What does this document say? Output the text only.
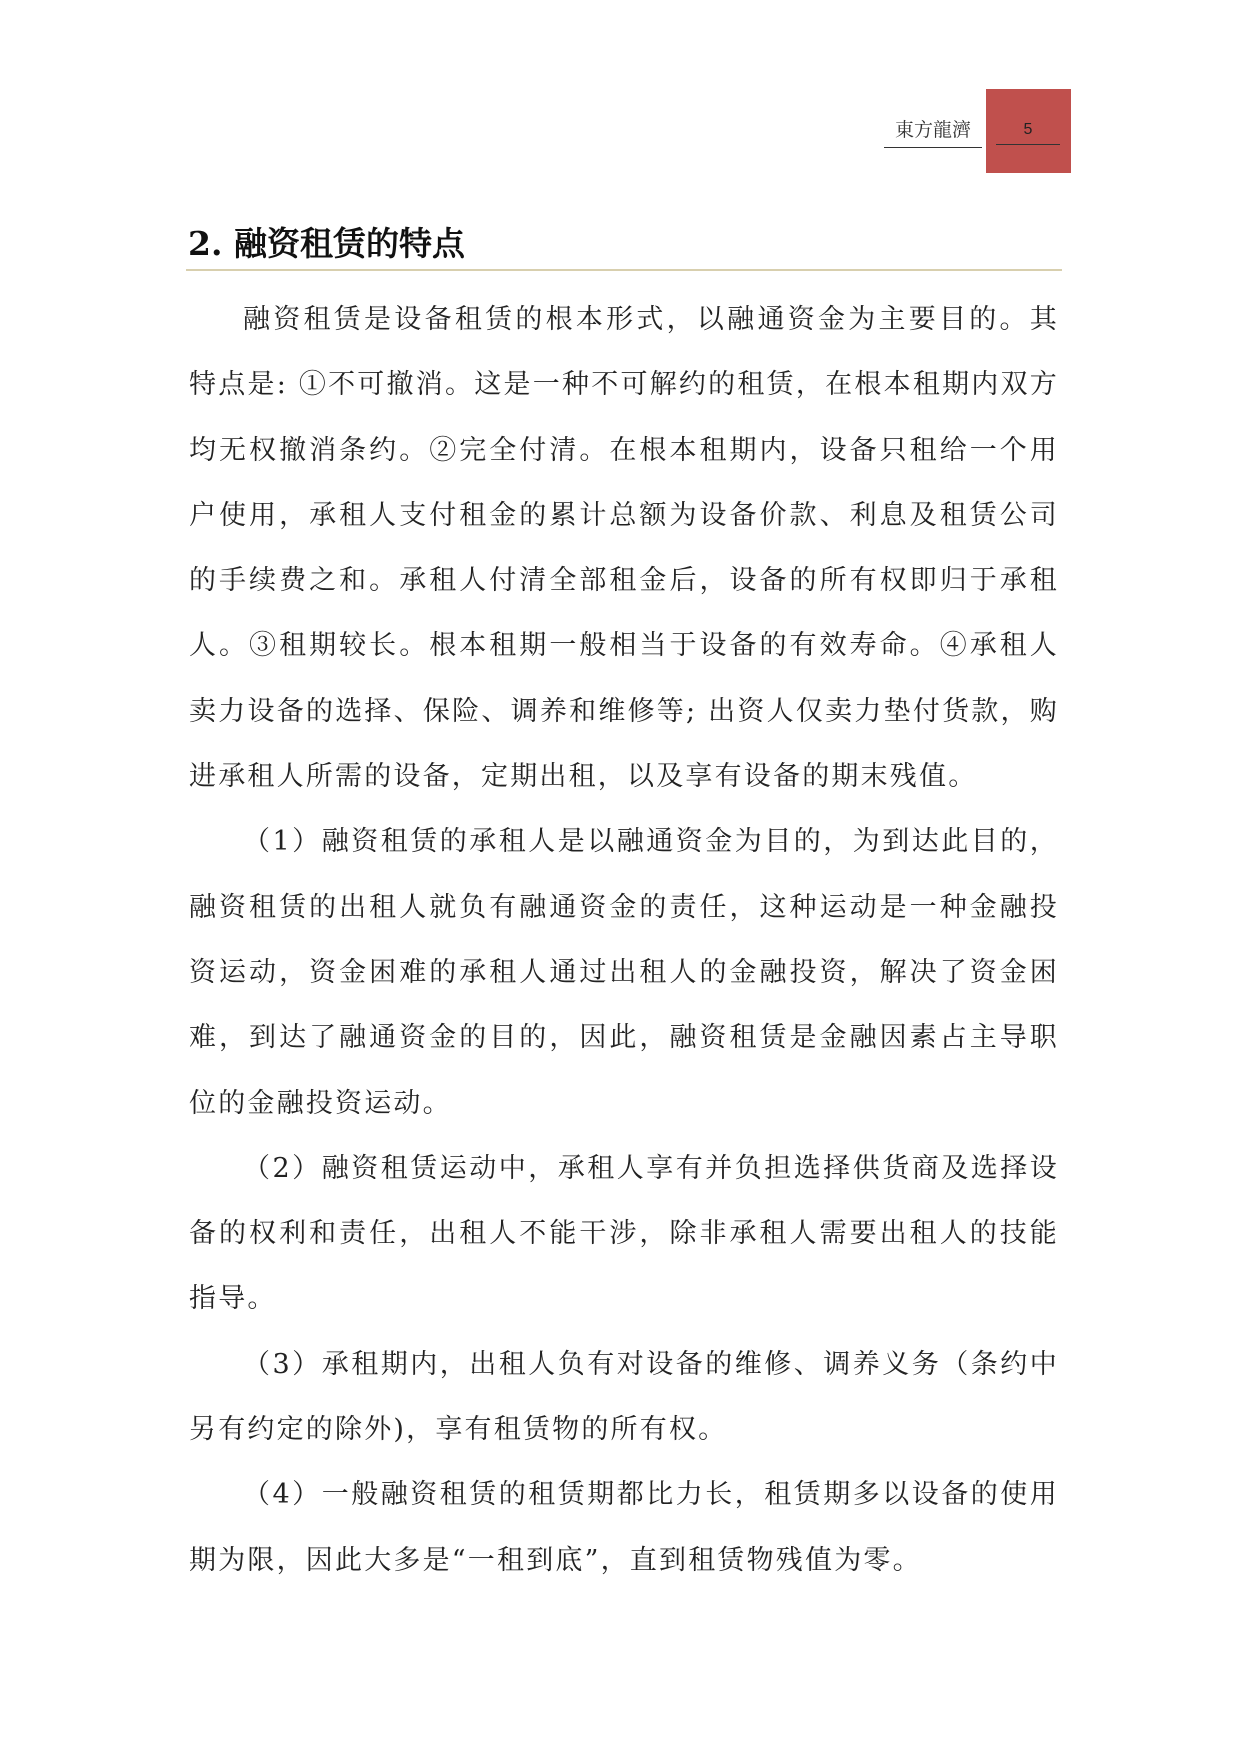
東方龍濟	5
2. 融资租赁的特点

融资租赁是设备租赁的根本形式，以融通资金为主要目的。其特点是: ①不可撤消。这是一种不可解约的租赁，在根本租期内双方均无权撤消条约。②完全付清。在根本租期内，设备只租给一个用户使用，承租人支付租金的累计总额为设备价款、利息及租赁公司的手续费之和。承租人付清全部租金后，设备的所有权即归于承租人。③租期较长。根本租期一般相当于设备的有效寿命。④承租人卖力设备的选择、保险、调养和维修等; 出资人仅卖力垫付货款，购进承租人所需的设备，定期出租，以及享有设备的期末残值。

（1）融资租赁的承租人是以融通资金为目的，为到达此目的，融资租赁的出租人就负有融通资金的责任，这种运动是一种金融投资运动，资金困难的承租人通过出租人的金融投资，解决了资金困难，到达了融通资金的目的，因此，融资租赁是金融因素占主导职位的金融投资运动。

（2）融资租赁运动中，承租人享有并负担选择供货商及选择设备的权利和责任，出租人不能干涉，除非承租人需要出租人的技能指导。

（3）承租期内，出租人负有对设备的维修、调养义务（条约中另有约定的除外)，享有租赁物的所有权。

（4）一般融资租赁的租赁期都比力长，租赁期多以设备的使用期为限，因此大多是“一租到底”，直到租赁物残值为零。
